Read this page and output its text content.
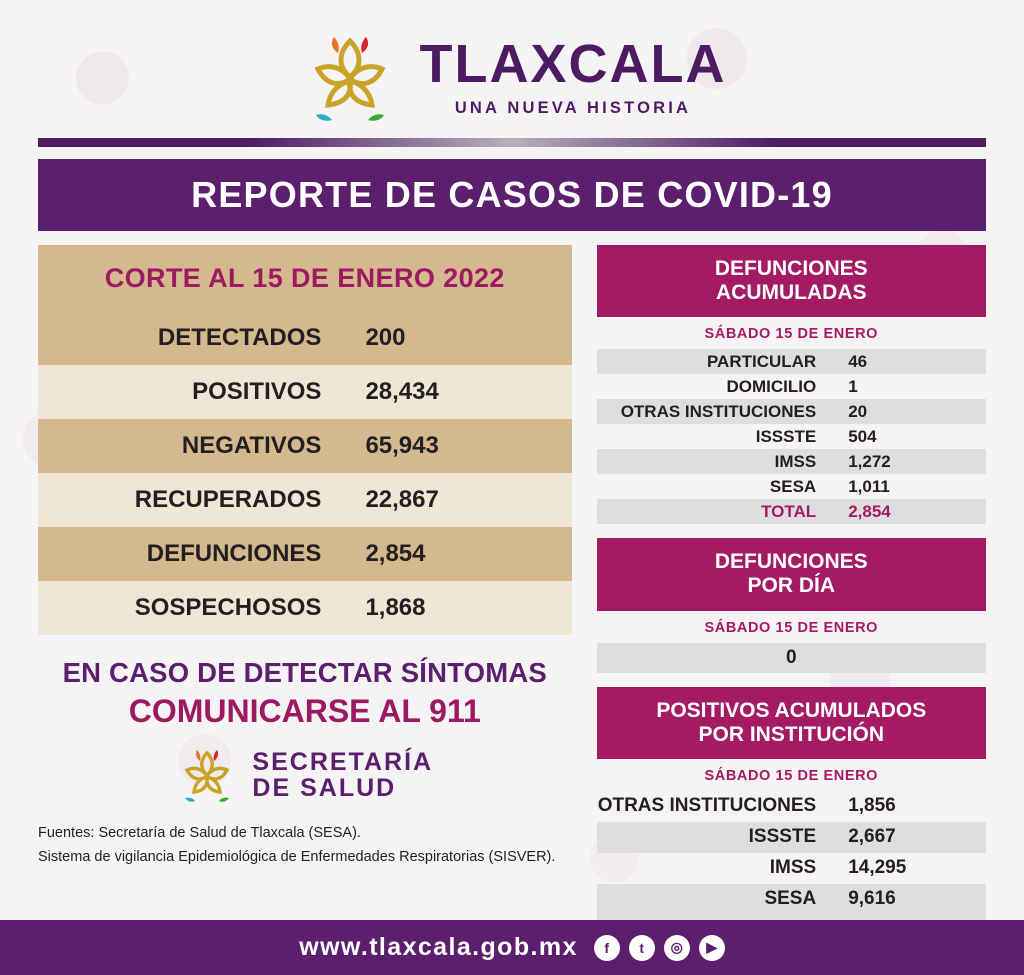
TLAXCALA
UNA NUEVA HISTORIA
REPORTE DE CASOS DE COVID-19
CORTE AL 15 DE ENERO 2022
DETECTADOS	200
POSITIVOS	28,434
NEGATIVOS	65,943
RECUPERADOS	22,867
DEFUNCIONES	2,854
SOSPECHOSOS	1,868
EN CASO DE DETECTAR SÍNTOMAS
COMUNICARSE AL 911
SECRETARÍA
DE SALUD
Fuentes: Secretaría de Salud de Tlaxcala (SESA).
Sistema de vigilancia Epidemiológica de Enfermedades Respiratorias (SISVER).
DEFUNCIONES
ACUMULADAS
SÁBADO 15 DE ENERO
PARTICULAR	46
DOMICILIO	1
OTRAS INSTITUCIONES	20
ISSSTE	504
IMSS	1,272
SESA	1,011
TOTAL	2,854
DEFUNCIONES
POR DÍA
SÁBADO 15 DE ENERO
0
POSITIVOS ACUMULADOS
POR INSTITUCIÓN
SÁBADO 15 DE ENERO
OTRAS INSTITUCIONES	1,856
ISSSTE	2,667
IMSS	14,295
SESA	9,616
www.tlaxcala.gob.mx	f	t	◎	▶
